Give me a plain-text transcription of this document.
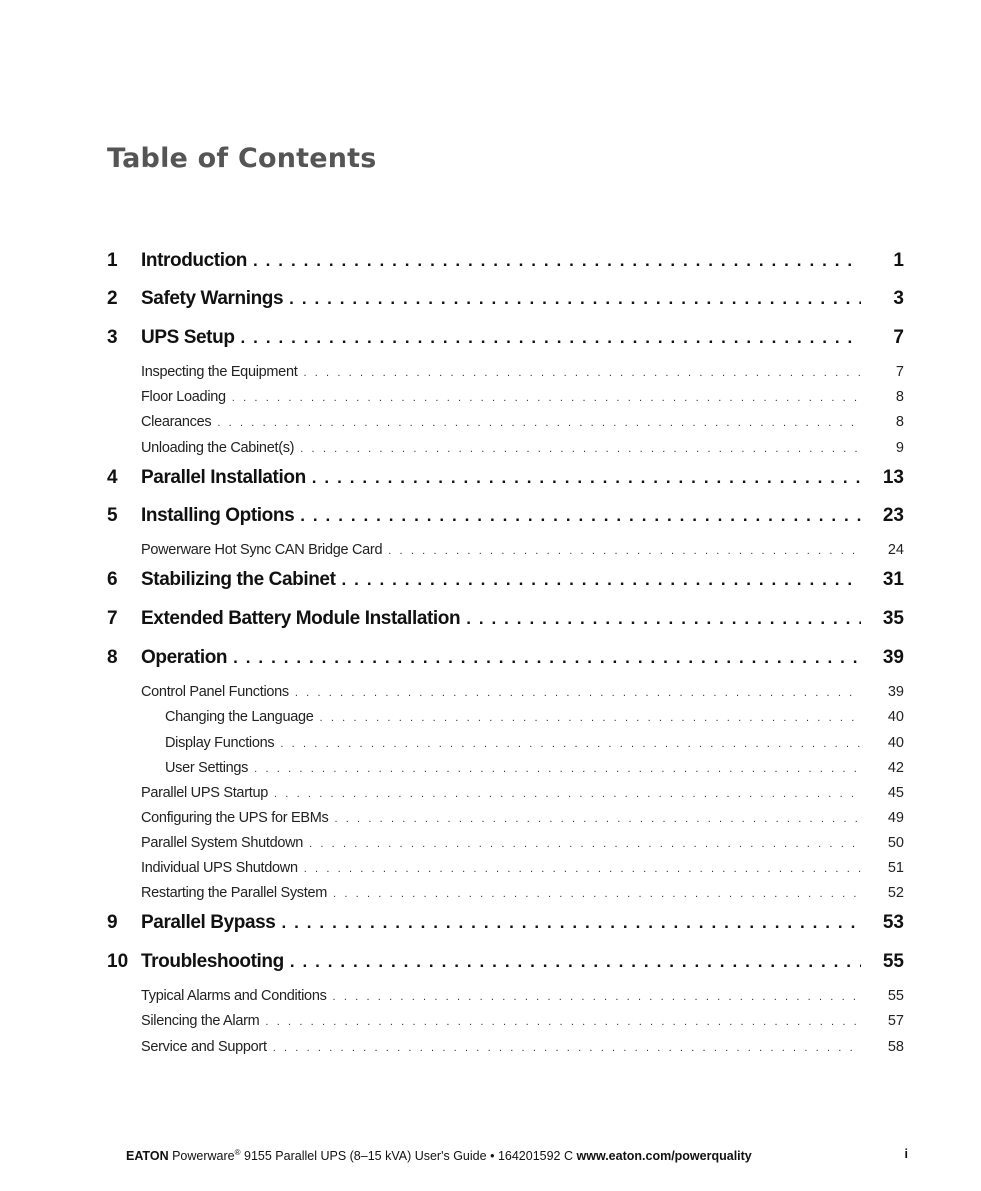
Table of Contents
1 Introduction . . .	1
2 Safety Warnings . . .	3
3 UPS Setup . . .	7
Inspecting the Equipment . . .	7
Floor Loading . . .	8
Clearances . . .	8
Unloading the Cabinet(s) . . .	9
4 Parallel Installation . . .	13
5 Installing Options . . .	23
Powerware Hot Sync CAN Bridge Card . . .	24
6 Stabilizing the Cabinet . . .	31
7 Extended Battery Module Installation . . .	35
8 Operation . . .	39
Control Panel Functions . . .	39
Changing the Language . . .	40
Display Functions . . .	40
User Settings . . .	42
Parallel UPS Startup . . .	45
Configuring the UPS for EBMs . . .	49
Parallel System Shutdown . . .	50
Individual UPS Shutdown . . .	51
Restarting the Parallel System . . .	52
9 Parallel Bypass . . .	53
10 Troubleshooting . . .	55
Typical Alarms and Conditions . . .	55
Silencing the Alarm . . .	57
Service and Support . . .	58
EATON Powerware® 9155 Parallel UPS (8–15 kVA) User's Guide • 164201592 C www.eaton.com/powerquality	i
